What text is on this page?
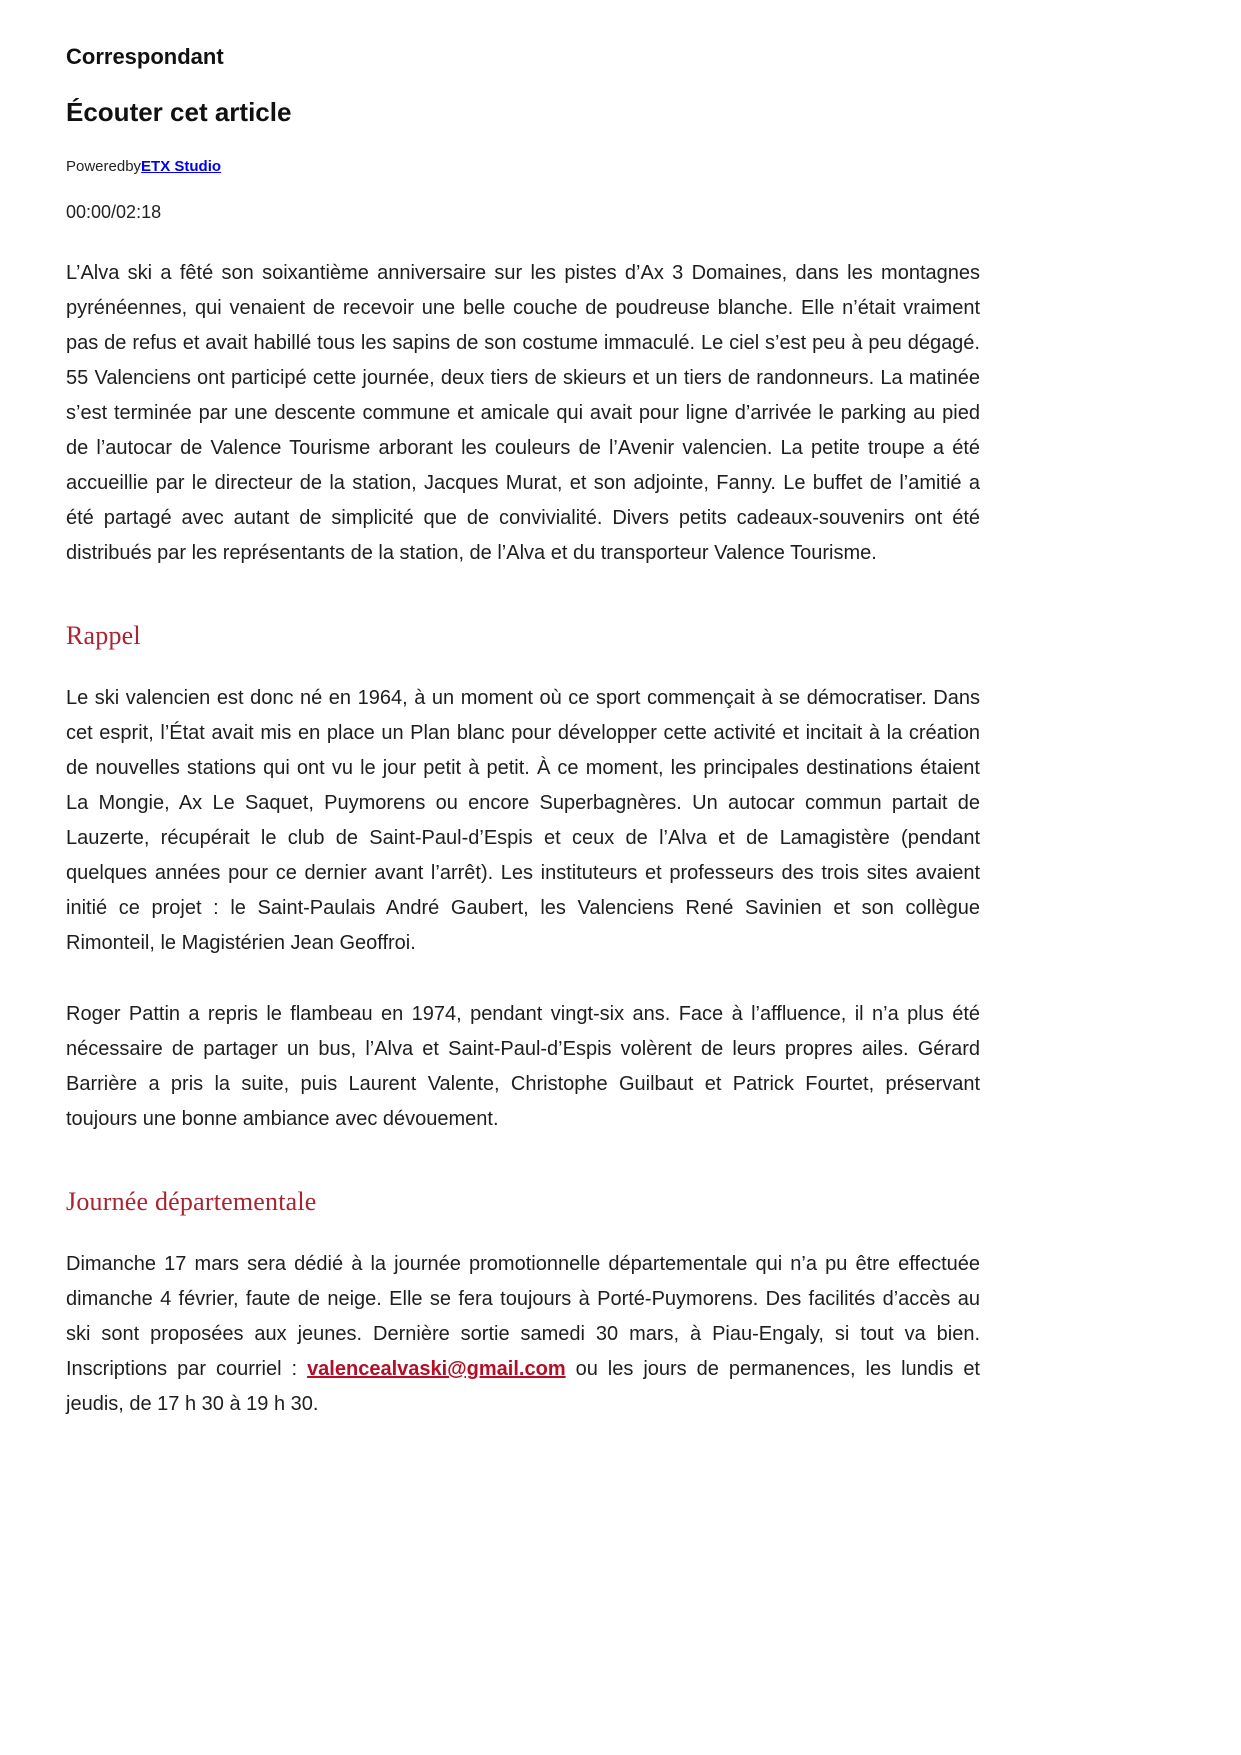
Correspondant
Écouter cet article
PoweredbyETX Studio
00:00/02:18

L’Alva ski a fêté son soixantième anniversaire sur les pistes d’Ax 3 Domaines, dans les montagnes pyrénéennes, qui venaient de recevoir une belle couche de poudreuse blanche. Elle n’était vraiment pas de refus et avait habillé tous les sapins de son costume immaculé. Le ciel s’est peu à peu dégagé. 55 Valenciens ont participé cette journée, deux tiers de skieurs et un tiers de randonneurs. La matinée s’est terminée par une descente commune et amicale qui avait pour ligne d’arrivée le parking au pied de l’autocar de Valence Tourisme arborant les couleurs de l’Avenir valencien. La petite troupe a été accueillie par le directeur de la station, Jacques Murat, et son adjointe, Fanny. Le buffet de l’amitié a été partagé avec autant de simplicité que de convivialité. Divers petits cadeaux-souvenirs ont été distribués par les représentants de la station, de l’Alva et du transporteur Valence Tourisme.

Rappel

Le ski valencien est donc né en 1964, à un moment où ce sport commençait à se démocratiser. Dans cet esprit, l’État avait mis en place un Plan blanc pour développer cette activité et incitait à la création de nouvelles stations qui ont vu le jour petit à petit. À ce moment, les principales destinations étaient La Mongie, Ax Le Saquet, Puymorens ou encore Superbagnères. Un autocar commun partait de Lauzerte, récupérait le club de Saint-Paul-d’Espis et ceux de l’Alva et de Lamagistère (pendant quelques années pour ce dernier avant l’arrêt). Les instituteurs et professeurs des trois sites avaient initié ce projet : le Saint-Paulais André Gaubert, les Valenciens René Savinien et son collègue Rimonteil, le Magistérien Jean Geoffroi.

Roger Pattin a repris le flambeau en 1974, pendant vingt-six ans. Face à l’affluence, il n’a plus été nécessaire de partager un bus, l’Alva et Saint-Paul-d’Espis volèrent de leurs propres ailes. Gérard Barrière a pris la suite, puis Laurent Valente, Christophe Guilbaut et Patrick Fourtet, préservant toujours une bonne ambiance avec dévouement.

Journée départementale

Dimanche 17 mars sera dédié à la journée promotionnelle départementale qui n’a pu être effectuée dimanche 4 février, faute de neige. Elle se fera toujours à Porté-Puymorens. Des facilités d’accès au ski sont proposées aux jeunes. Dernière sortie samedi 30 mars, à Piau-Engaly, si tout va bien. Inscriptions par courriel : valencealvaski@gmail.com ou les jours de permanences, les lundis et jeudis, de 17 h 30 à 19 h 30.
